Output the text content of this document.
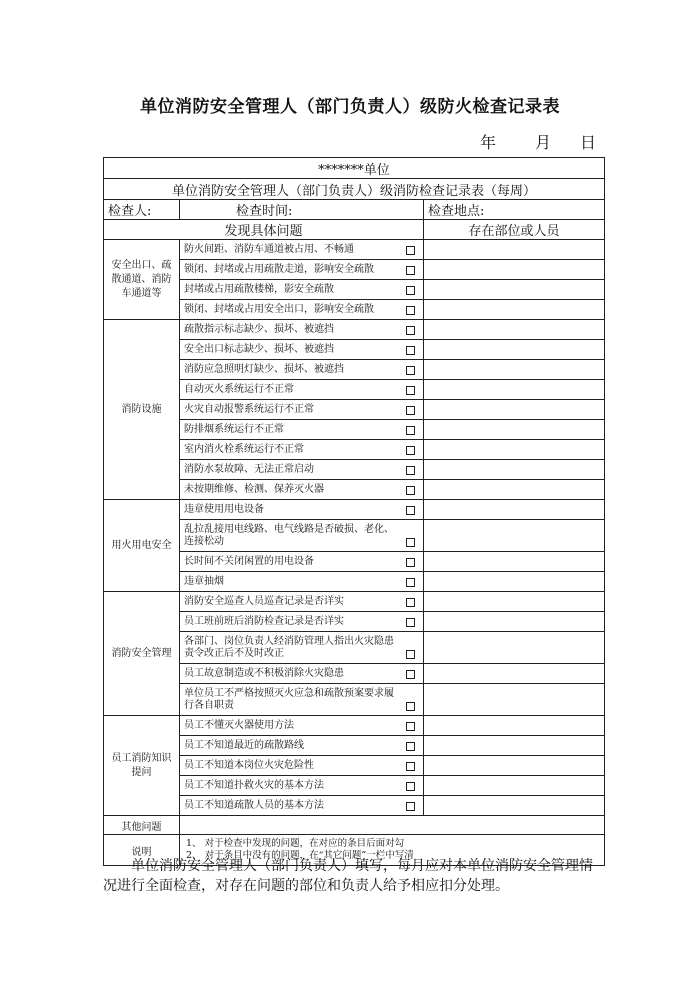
单位消防安全管理人（部门负责人）级防火检查记录表
年 月 日
*******单位		
单位消防安全管理人（部门负责人）级消防检查记录表（每周）		
检查人:	检查时间:	检查地点:
发现具体问题		存在部位或人员
安全出口、疏散通道、消防车通道等	防火间距、消防车通道被占用、不畅通

	锁闭、封堵或占用疏散走道，影响安全疏散

	封堵或占用疏散楼梯，影安全疏散

	锁闭、封堵或占用安全出口，影响安全疏散

消防设施	疏散指示标志缺少、损坏、被遮挡

	安全出口标志缺少、损坏、被遮挡

	消防应急照明灯缺少、损坏、被遮挡

	自动灭火系统运行不正常

	火灾自动报警系统运行不正常

	防排烟系统运行不正常

	室内消火栓系统运行不正常

	消防水泵故障、无法正常启动

	未按期维修、检测、保养灭火器

用火用电安全	违章使用用电设备

	乱拉乱接用电线路、电气线路是否破损、老化、连接松动

	长时间不关闭闲置的用电设备

	违章抽烟

消防安全管理	消防安全巡查人员巡查记录是否详实

	员工班前班后消防检查记录是否详实

	各部门、岗位负责人经消防管理人指出火灾隐患责令改正后不及时改正

	员工故意制造或不积极消除火灾隐患

	单位员工不严格按照灭火应急和疏散预案要求履行各自职责

员工消防知识提问	员工不懂灭火器使用方法

	员工不知道最近的疏散路线

	员工不知道本岗位火灾危险性

	员工不知道扑救火灾的基本方法

	员工不知道疏散人员的基本方法

其他问题		
说明	1、 对于检查中发现的问题，在对应的条目后面对勾
2、 对于条目中没有的问题，在“其它问题”一栏中写清	
单位消防安全管理人（部门负责人）填写，每月应对本单位消防安全管理情况进行全面检查，对存在问题的部位和负责人给予相应扣分处理。
